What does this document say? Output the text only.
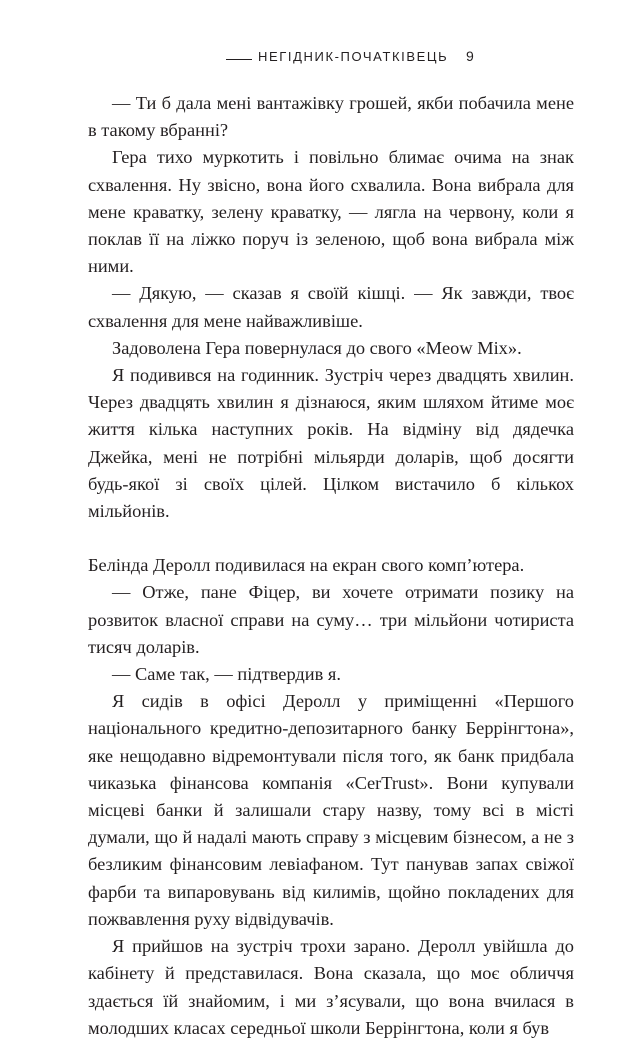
НЕГІДНИК-ПОЧАТКІВЕЦЬ 9

— Ти б дала мені вантажівку грошей, якби побачила мене в такому вбранні?

Гера тихо муркотить і повільно блимає очима на знак схвалення. Ну звісно, вона його схвалила. Вона вибрала для мене краватку, зелену краватку, — лягла на червону, коли я поклав її на ліжко поруч із зеленою, щоб вона вибрала між ними.

— Дякую, — сказав я своїй кішці. — Як завжди, твоє схвалення для мене найважливіше.

Задоволена Гера повернулася до свого «Meow Mix».

Я подивився на годинник. Зустріч через двадцять хвилин. Через двадцять хвилин я дізнаюся, яким шляхом йтиме моє життя кілька наступних років. На відміну від дядечка Джейка, мені не потрібні мільярди доларів, щоб досягти будь-якої зі своїх цілей. Цілком вистачило б кількох мільйонів.

Белінда Деролл подивилася на екран свого комп’ютера.

— Отже, пане Фіцер, ви хочете отримати позику на розвиток власної справи на суму… три мільйони чотириста тисяч доларів.

— Саме так, — підтвердив я.

Я сидів в офісі Деролл у приміщенні «Першого національного кредитно-депозитарного банку Беррінгтона», яке нещодавно відремонтували після того, як банк придбала чиказька фінансова компанія «CerTrust». Вони купували місцеві банки й залишали стару назву, тому всі в місті думали, що й надалі мають справу з місцевим бізнесом, а не з безликим фінансовим левіафаном. Тут панував запах свіжої фарби та випаровувань від килимів, щойно покладених для пожвавлення руху відвідувачів.

Я прийшов на зустріч трохи зарано. Деролл увійшла до кабінету й представилася. Вона сказала, що моє обличчя здається їй знайомим, і ми з’ясували, що вона вчилася в молодших класах середньої школи Беррінгтона, коли я був
